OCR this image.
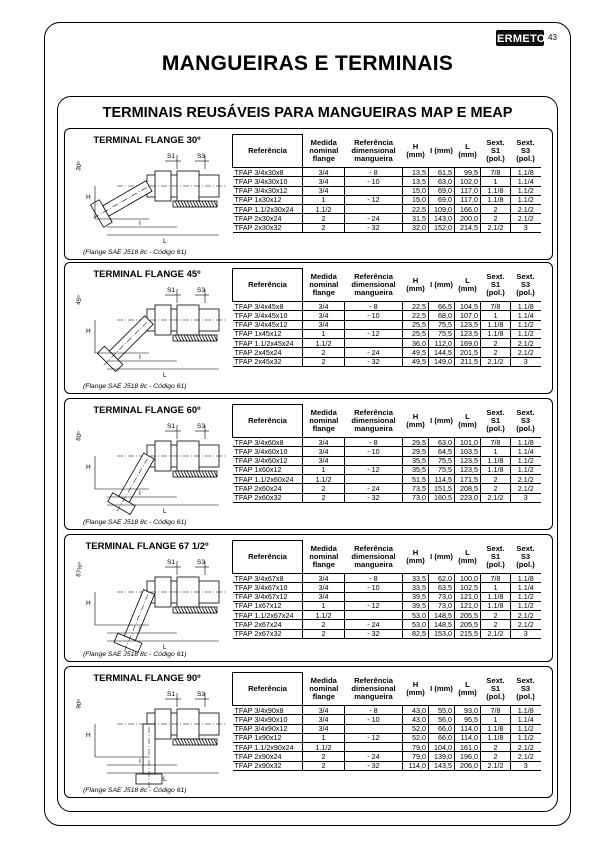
ERMETO 43
MANGUEIRAS E TERMINAIS
TERMINAIS REUSÁVEIS PARA MANGUEIRAS MAP E MEAP
TERMINAL FLANGE 30º
S1	S3
H
I
L
30º
(Flange SAE J518 8c - Código 61)
Referência	Medida nominal flange	Referência dimensional mangueira	H (mm)	I (mm)	L (mm)	Sext. S1 (pol.)	Sext. S3 (pol.)
TFAP 3/4x30x8	3/4	- 8	13,5	61,5	99,5	7/8	1.1/8
TFAP 3/4x30x10	3/4	- 10	13,5	63,0	102,0	1	1.1/4
TFAP 3/4x30x12	3/4		15,0	69,0	117,0	1.1/8	1.1/2
TFAP 1x30x12	1	- 12	15,0	69,0	117,0	1.1/8	1.1/2
TFAP 1.1/2x30x24	1.1/2		22,5	109,0	166,0	2	2.1/2
TFAP 2x30x24	2	- 24	31,5	143,0	200,0	2	2.1/2
TFAP 2x30x32	2	- 32	32,0	152,0	214,5	2.1/2	3
TERMINAL FLANGE 45º
S1	S3
H
I
L
45º
(Flange SAE J518 8c - Código 61)
Referência	Medida nominal flange	Referência dimensional mangueira	H (mm)	I (mm)	L (mm)	Sext. S1 (pol.)	Sext. S3 (pol.)
TFAP 3/4x45x8	3/4	- 8	22,5	66,5	104,5	7/8	1.1/8
TFAP 3/4x45x10	3/4	- 10	22,5	68,0	107,0	1	1.1/4
TFAP 3/4x45x12	3/4		25,5	75,5	123,5	1.1/8	1.1/2
TFAP 1x45x12	1	- 12	25,5	75,5	123,5	1.1/8	1.1/2
TFAP 1.1/2x45x24	1.1/2		36,0	112,0	169,0	2	2.1/2
TFAP 2x45x24	2	- 24	49,5	144,5	201,5	2	2.1/2
TFAP 2x45x32	2	- 32	49,5	149,0	211,5	2.1/2	3
TERMINAL FLANGE 60º
S1	S3
H
I
L
60º
(Flange SAE J518 8c - Código 61)
Referência	Medida nominal flange	Referência dimensional mangueira	H (mm)	I (mm)	L (mm)	Sext. S1 (pol.)	Sext. S3 (pol.)
TFAP 3/4x60x8	3/4	- 8	29,5	63,0	101,0	7/8	1.1/8
TFAP 3/4x60x10	3/4	- 10	29,5	64,5	103,5	1	1.1/4
TFAP 3/4x60x12	3/4		35,5	75,5	123,5	1.1/8	1.1/2
TFAP 1x60x12	1	- 12	35,5	75,5	123,5	1.1/8	1.1/2
TFAP 1.1/2x60x24	1.1/2		51,5	114,5	171,5	2	2.1/2
TFAP 2x60x24	2	- 24	73,5	151,5	208,5	2	2.1/2
TFAP 2x60x32	2	- 32	73,0	160,5	223,0	2.1/2	3
TERMINAL FLANGE 67 1/2º
S1	S3
H
I
L
67½º
(Flange SAE J518 8c - Código 61)
Referência	Medida nominal flange	Referência dimensional mangueira	H (mm)	I (mm)	L (mm)	Sext. S1 (pol.)	Sext. S3 (pol.)
TFAP 3/4x67x8	3/4	- 8	33,5	62,0	100,0	7/8	1.1/8
TFAP 3/4x67x10	3/4	- 10	33,5	63,5	102,5	1	1.1/4
TFAP 3/4x67x12	3/4		39,5	73,0	121,0	1.1/8	1.1/2
TFAP 1x67x12	1	- 12	39,5	73,0	121,0	1.1/8	1.1/2
TFAP 1.1/2x67x24	1.1/2		53,0	148,5	205,5	2	2.1/2
TFAP 2x67x24	2	- 24	53,0	148,5	205,5	2	2.1/2
TFAP 2x67x32	2	- 32	82,5	153,0	215,5	2.1/2	3
TERMINAL FLANGE 90º
S1	S3
H
I
L
90º
(Flange SAE J518 8c - Código 61)
Referência	Medida nominal flange	Referência dimensional mangueira	H (mm)	I (mm)	L (mm)	Sext. S1 (pol.)	Sext. S3 (pol.)
TFAP 3/4x90x8	3/4	- 8	43,0	55,0	93,0	7/8	1.1/8
TFAP 3/4x90x10	3/4	- 10	43,0	56,0	95,5	1	1.1/4
TFAP 3/4x90x12	3/4		52,0	66,0	114,0	1.1/8	1.1/2
TFAP 1x90x12	1	- 12	52,0	66,0	114,0	1.1/8	1.1/2
TFAP 1.1/2x90x24	1.1/2		79,0	104,0	161,0	2	2.1/2
TFAP 2x90x24	2	- 24	79,0	139,0	196,0	2	2.1/2
TFAP 2x90x32	2	- 32	114,0	143,5	206,0	2.1/2	3
